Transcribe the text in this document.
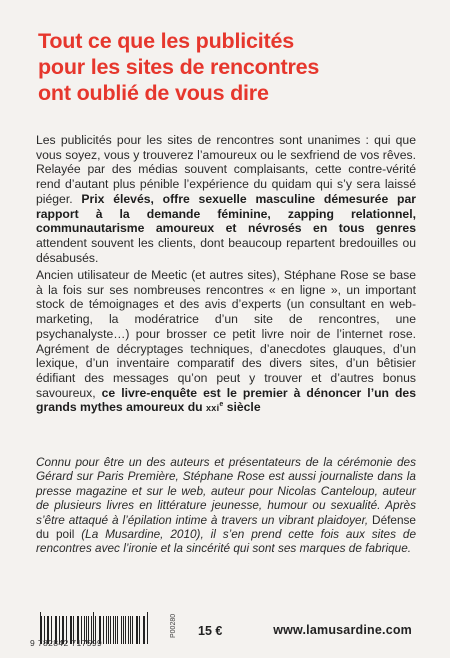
Tout ce que les publicités
pour les sites de rencontres
ont oublié de vous dire
Les publicités pour les sites de rencontres sont unanimes : qui que vous soyez, vous y trouverez l’amoureux ou le sexfriend de vos rêves. Relayée par des médias souvent complaisants, cette contre-vérité rend d’autant plus pénible l’expérience du quidam qui s’y sera laissé piéger. Prix élevés, offre sexuelle masculine démesurée par rapport à la demande féminine, zapping relationnel, communautarisme amoureux et névrosés en tous genres attendent souvent les clients, dont beaucoup repartent bredouilles ou désabusés.
Ancien utilisateur de Meetic (et autres sites), Stéphane Rose se base à la fois sur ses nombreuses rencontres « en ligne », un important stock de témoignages et des avis d’experts (un consultant en web-marketing, la modératrice d’un site de rencontres, une psychanalyste…) pour brosser ce petit livre noir de l’internet rose. Agrément de décryptages techniques, d’anecdotes glauques, d’un lexique, d’un inventaire comparatif des divers sites, d’un bêtisier édifiant des messages qu’on peut y trouver et d’autres bonus savoureux, ce livre-enquête est le premier à dénoncer l’un des grands mythes amoureux du xxi$^e$ siècle
Connu pour être un des auteurs et présentateurs de la cérémonie des Gérard sur Paris Première, Stéphane Rose est aussi journaliste dans la presse magazine et sur le web, auteur pour Nicolas Canteloup, auteur de plusieurs livres en littérature jeunesse, humour ou sexualité. Après s’être attaqué à l’épilation intime à travers un vibrant plaidoyer, Défense du poil (La Musardine, 2010), il s’en prend cette fois aux sites de rencontres avec l’ironie et la sincérité qui sont ses marques de fabrique.
9 782842 717599
P00280 15 €	www.lamusardine.com
